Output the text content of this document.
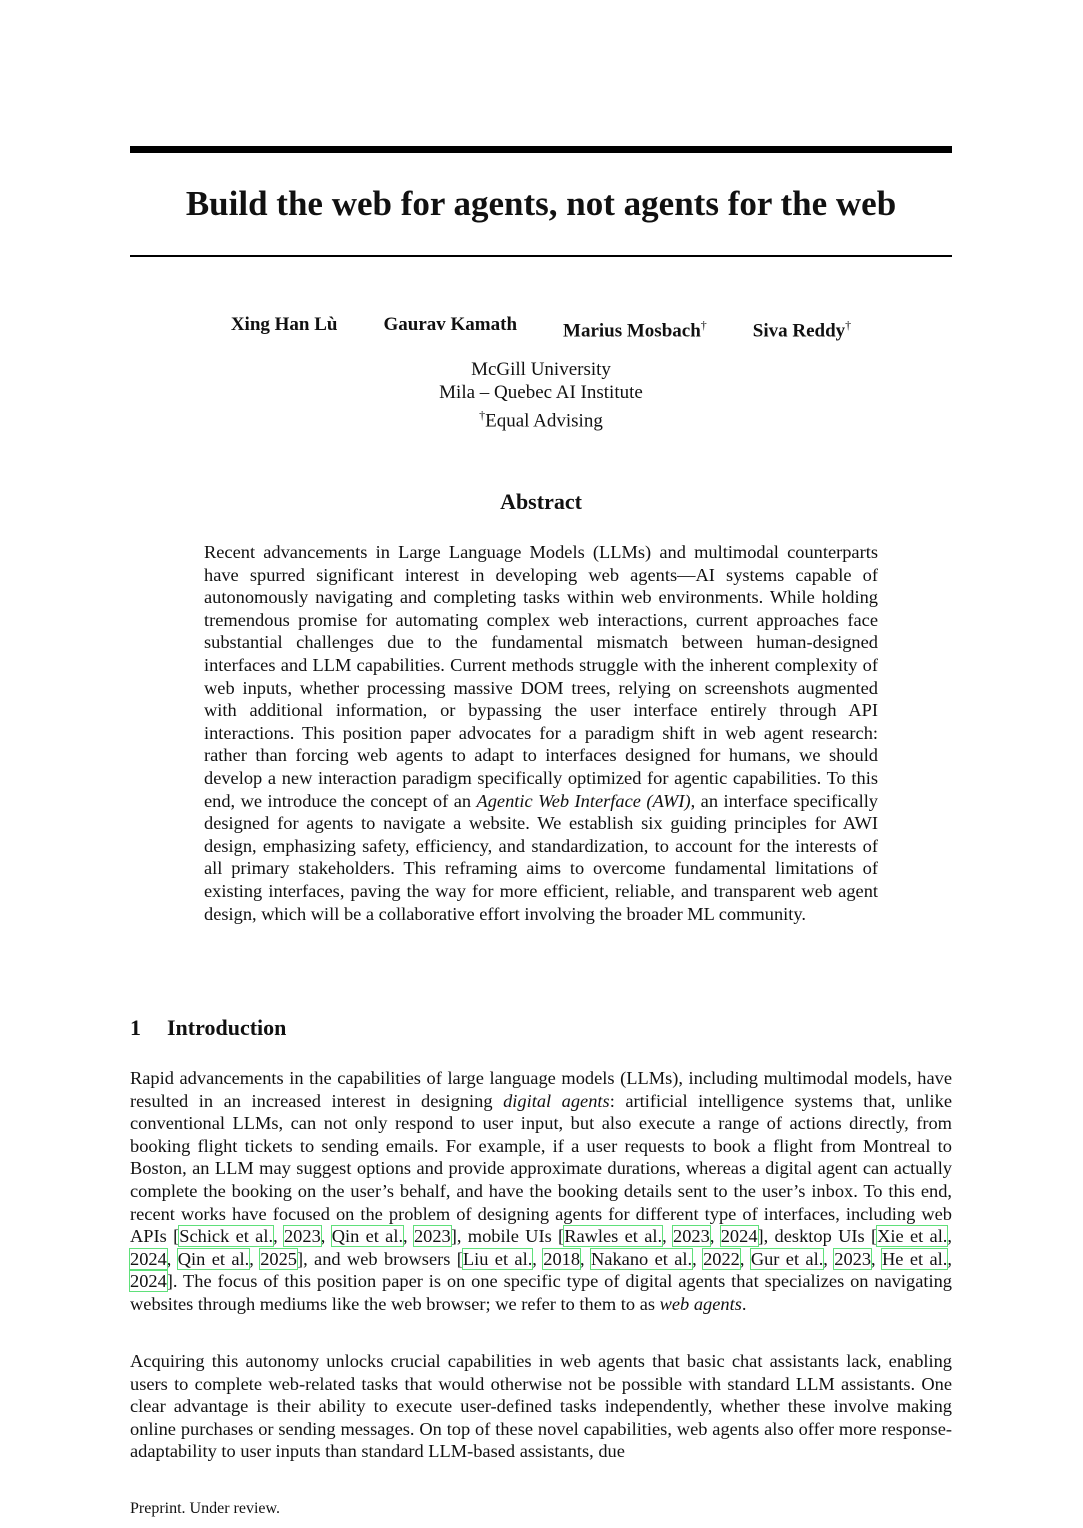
Build the web for agents, not agents for the web
Xing Han Lù Gaurav Kamath Marius Mosbach† Siva Reddy†
McGill University
Mila – Quebec AI Institute
†Equal Advising
Abstract

Recent advancements in Large Language Models (LLMs) and multimodal counterparts have spurred significant interest in developing web agents—AI systems capable of autonomously navigating and completing tasks within web environments. While holding tremendous promise for automating complex web interactions, current approaches face substantial challenges due to the fundamental mismatch between human-designed interfaces and LLM capabilities. Current methods struggle with the inherent complexity of web inputs, whether processing massive DOM trees, relying on screenshots augmented with additional information, or bypassing the user interface entirely through API interactions. This position paper advocates for a paradigm shift in web agent research: rather than forcing web agents to adapt to interfaces designed for humans, we should develop a new interaction paradigm specifically optimized for agentic capabilities. To this end, we introduce the concept of an Agentic Web Interface (AWI), an interface specifically designed for agents to navigate a website. We establish six guiding principles for AWI design, emphasizing safety, efficiency, and standardization, to account for the interests of all primary stakeholders. This reframing aims to overcome fundamental limitations of existing interfaces, paving the way for more efficient, reliable, and transparent web agent design, which will be a collaborative effort involving the broader ML community.

1 Introduction

Rapid advancements in the capabilities of large language models (LLMs), including multimodal models, have resulted in an increased interest in designing digital agents: artificial intelligence systems that, unlike conventional LLMs, can not only respond to user input, but also execute a range of actions directly, from booking flight tickets to sending emails. For example, if a user requests to book a flight from Montreal to Boston, an LLM may suggest options and provide approximate durations, whereas a digital agent can actually complete the booking on the user’s behalf, and have the booking details sent to the user’s inbox. To this end, recent works have focused on the problem of designing agents for different type of interfaces, including web APIs [Schick et al., 2023, Qin et al., 2023], mobile UIs [Rawles et al., 2023, 2024], desktop UIs [Xie et al., 2024, Qin et al., 2025], and web browsers [Liu et al., 2018, Nakano et al., 2022, Gur et al., 2023, He et al., 2024]. The focus of this position paper is on one specific type of digital agents that specializes on navigating websites through mediums like the web browser; we refer to them to as web agents.

Acquiring this autonomy unlocks crucial capabilities in web agents that basic chat assistants lack, enabling users to complete web-related tasks that would otherwise not be possible with standard LLM assistants. One clear advantage is their ability to execute user-defined tasks independently, whether these involve making online purchases or sending messages. On top of these novel capabilities, web agents also offer more response-adaptability to user inputs than standard LLM-based assistants, due

Preprint. Under review.
